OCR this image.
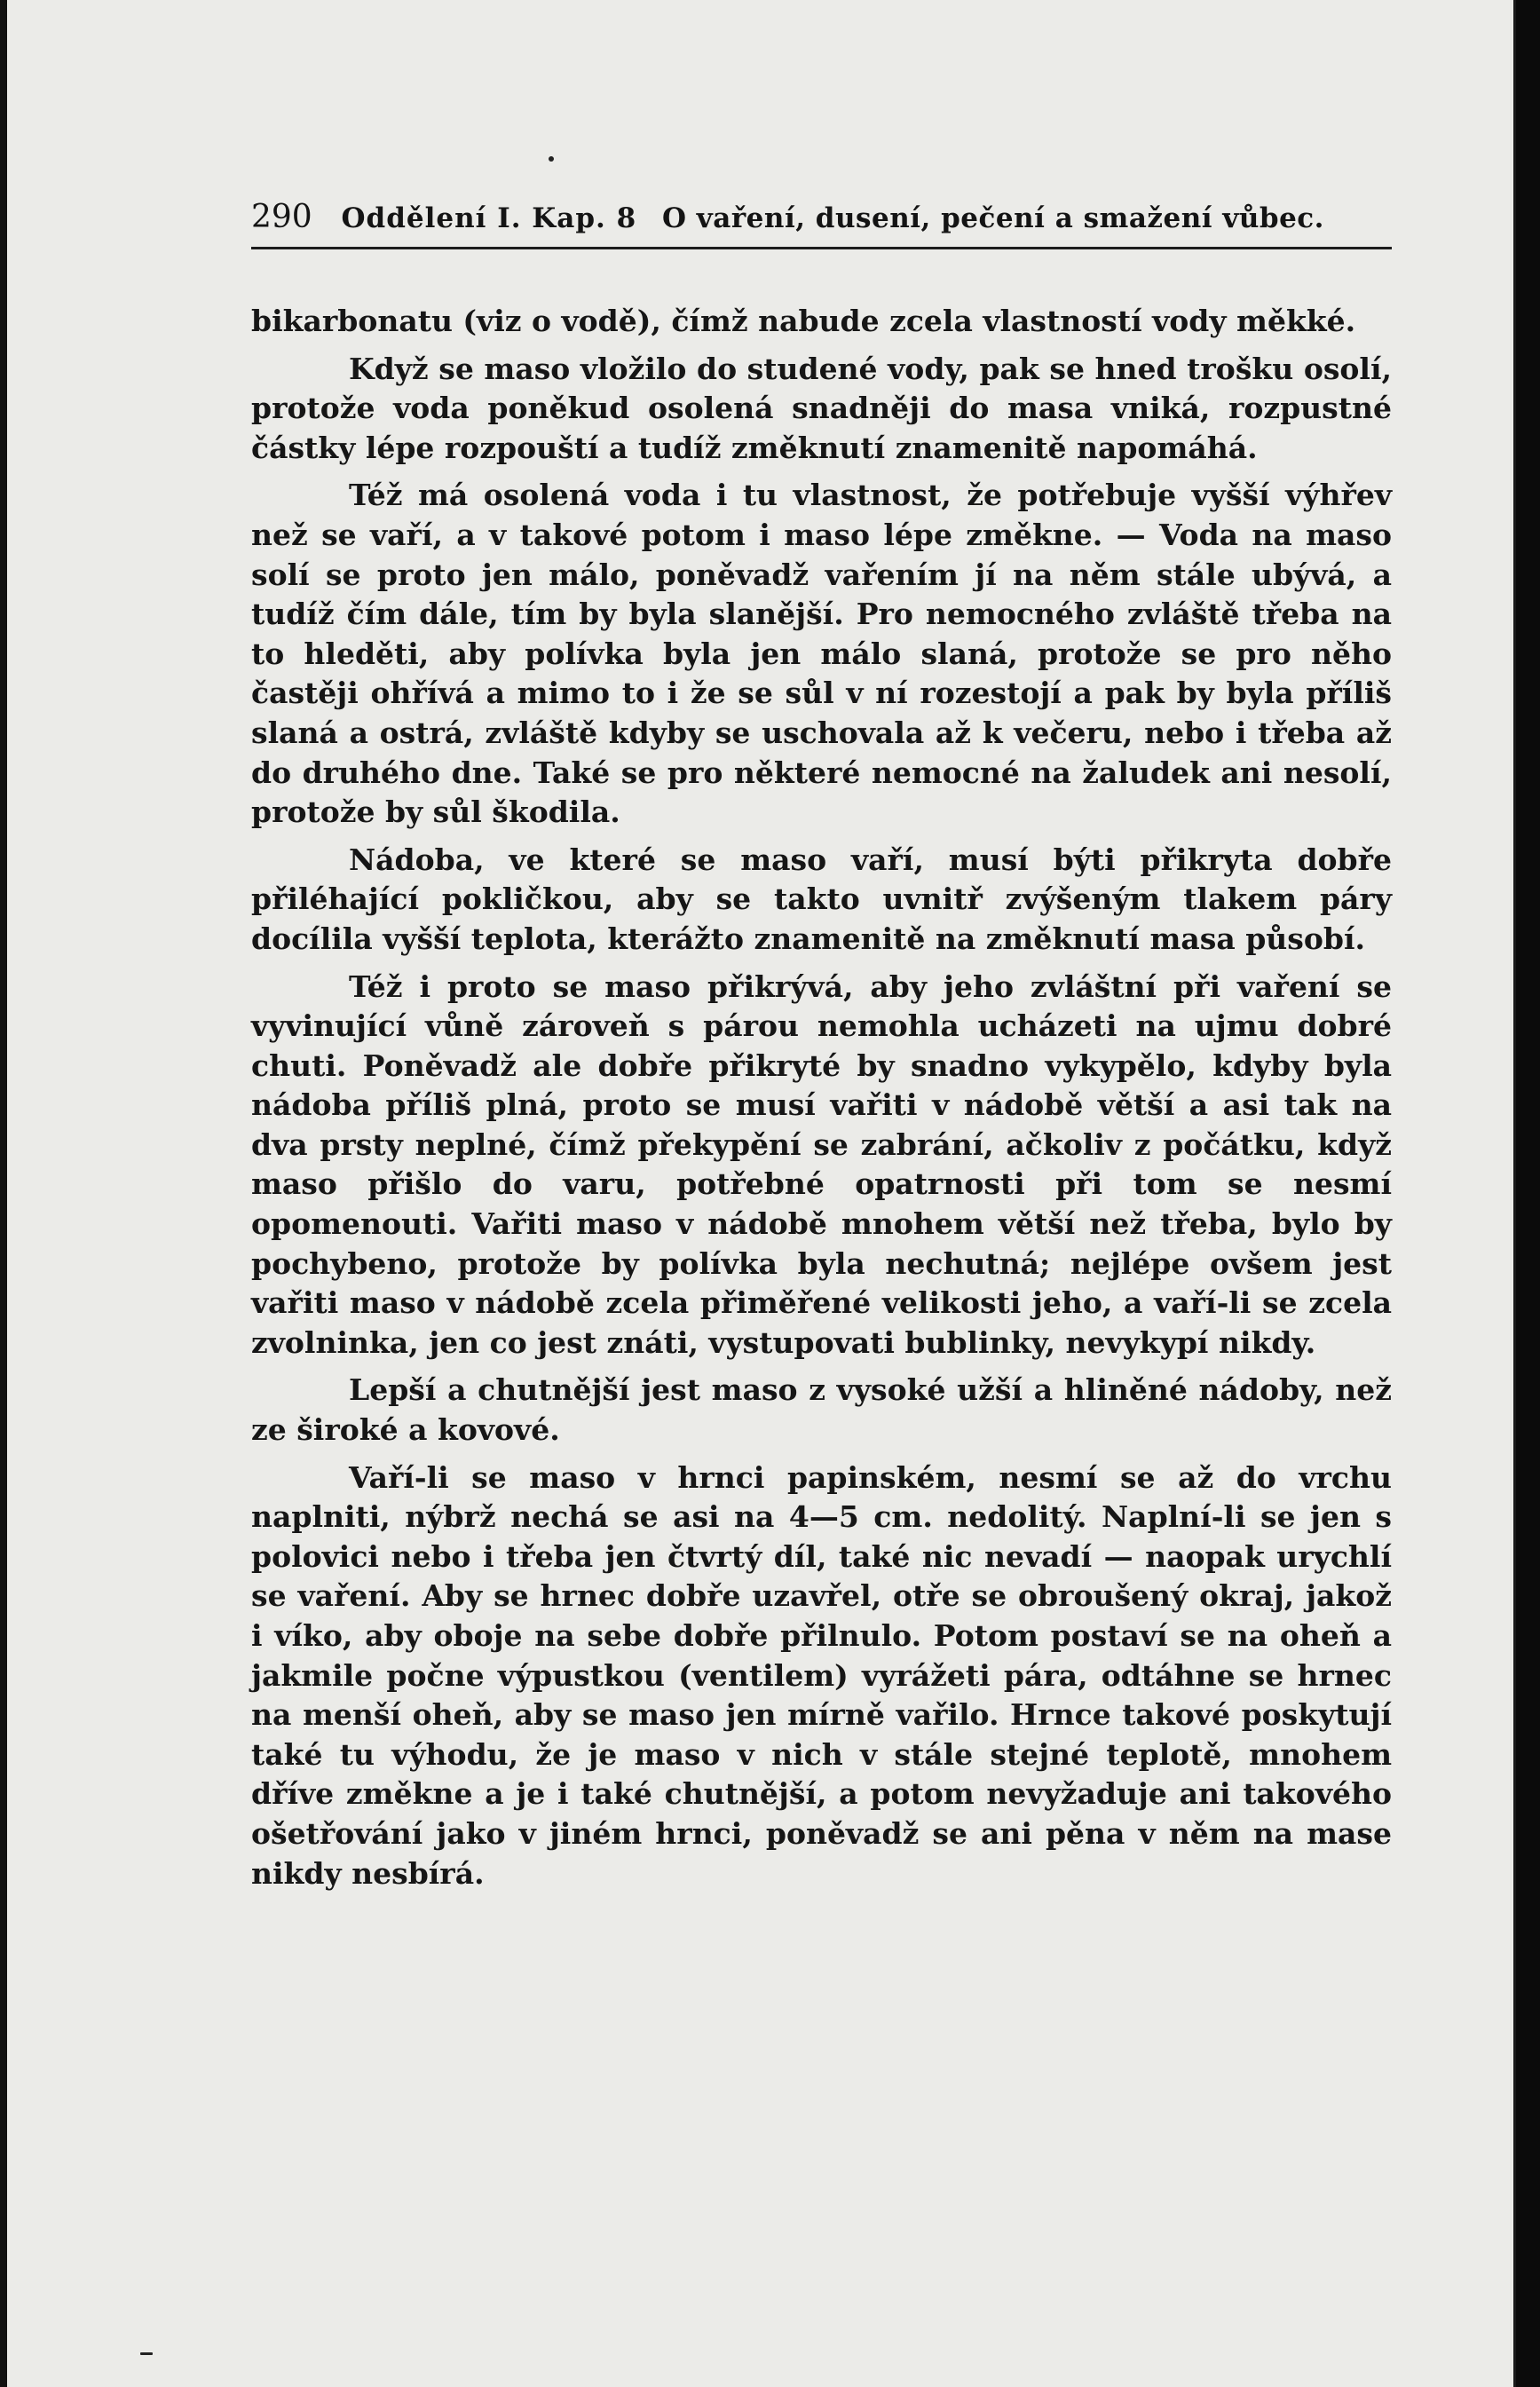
290 Oddělení I. Kap. 8 O vaření, dusení, pečení a smažení vůbec.

bikarbonatu (viz o vodě), čímž nabude zcela vlastností vody měkké.

Když se maso vložilo do studené vody, pak se hned trošku osolí, protože voda poněkud osolená snadněji do masa vniká, rozpustné částky lépe rozpouští a tudíž změknutí znamenitě napomáhá.

Též má osolená voda i tu vlastnost, že potřebuje vyšší výhřev než se vaří, a v takové potom i maso lépe změkne. — Voda na maso solí se proto jen málo, poněvadž vařením jí na něm stále ubývá, a tudíž čím dále, tím by byla slanější. Pro nemocného zvláště třeba na to hleděti, aby polívka byla jen málo slaná, protože se pro něho častěji ohřívá a mimo to i že se sůl v ní rozestojí a pak by byla příliš slaná a ostrá, zvláště kdyby se uschovala až k večeru, nebo i třeba až do druhého dne. Také se pro některé nemocné na žaludek ani nesolí, protože by sůl škodila.

Nádoba, ve které se maso vaří, musí býti přikryta dobře přiléhající pokličkou, aby se takto uvnitř zvýšeným tlakem páry docílila vyšší teplota, kterážto znamenitě na změknutí masa působí.

Též i proto se maso přikrývá, aby jeho zvláštní při vaření se vyvinující vůně zároveň s párou nemohla ucházeti na ujmu dobré chuti. Poněvadž ale dobře přikryté by snadno vykypělo, kdyby byla nádoba příliš plná, proto se musí vařiti v nádobě větší a asi tak na dva prsty neplné, čímž překypění se zabrání, ačkoliv z počátku, když maso přišlo do varu, potřebné opatrnosti při tom se nesmí opomenouti. Vařiti maso v nádobě mnohem větší než třeba, bylo by pochybeno, protože by polívka byla nechutná; nejlépe ovšem jest vařiti maso v nádobě zcela přiměřené velikosti jeho, a vaří-li se zcela zvolninka, jen co jest znáti, vystupovati bublinky, nevykypí nikdy.

Lepší a chutnější jest maso z vysoké užší a hliněné nádoby, než ze široké a kovové.

Vaří-li se maso v hrnci papinském, nesmí se až do vrchu naplniti, nýbrž nechá se asi na 4—5 cm. nedolitý. Naplní-li se jen s polovici nebo i třeba jen čtvrtý díl, také nic nevadí — naopak urychlí se vaření. Aby se hrnec dobře uzavřel, otře se obroušený okraj, jakož i víko, aby oboje na sebe dobře přilnulo. Potom postaví se na oheň a jakmile počne výpustkou (ventilem) vyrážeti pára, odtáhne se hrnec na menší oheň, aby se maso jen mírně vařilo. Hrnce takové poskytují také tu výhodu, že je maso v nich v stále stejné teplotě, mnohem dříve změkne a je i také chutnější, a potom nevyžaduje ani takového ošetřování jako v jiném hrnci, poněvadž se ani pěna v něm na mase nikdy nesbírá.
